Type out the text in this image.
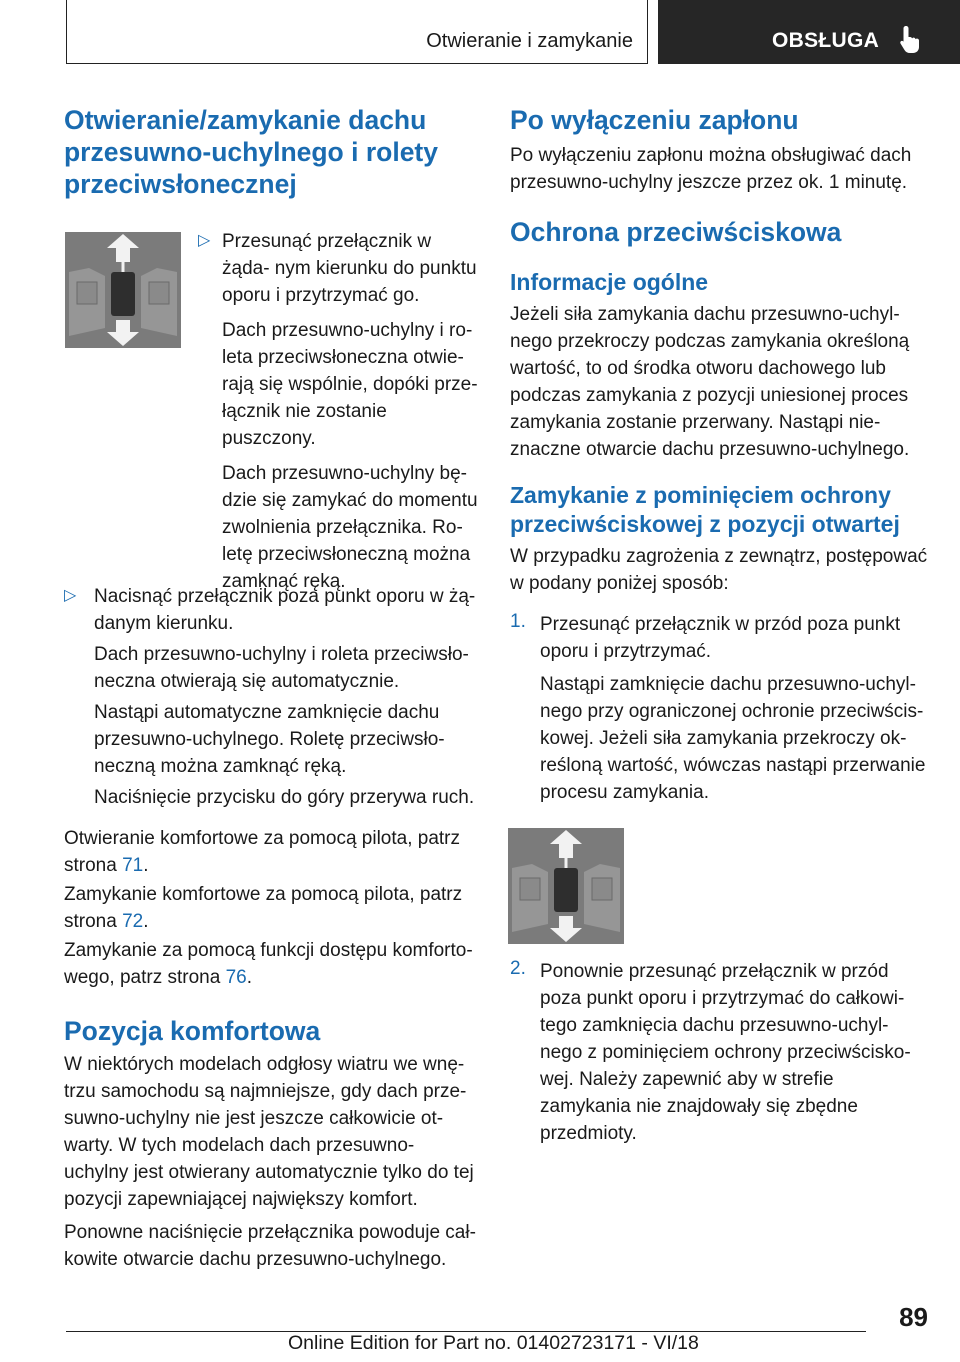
Otwieranie i zamykanie	OBSŁUGA
Otwieranie/zamykanie dachu przesuwno-uchylnego i rolety przeciwsłonecznej
▷ Przesunąć przełącznik w żąda- nym kierunku do punktu oporu i przytrzymać go.

Dach przesuwno-uchylny i ro- leta przeciwsłoneczna otwie- rają się wspólnie, dopóki prze- łącznik nie zostanie puszczony.

Dach przesuwno-uchylny bę- dzie się zamykać do momentu zwolnienia przełącznika. Ro- letę przeciwsłoneczną można zamknąć ręką.

▷ Nacisnąć przełącznik poza punkt oporu w żą- danym kierunku.

Dach przesuwno-uchylny i roleta przeciwsło- neczna otwierają się automatycznie.

Nastąpi automatyczne zamknięcie dachu przesuwno-uchylnego. Roletę przeciwsło- neczną można zamknąć ręką.

Naciśnięcie przycisku do góry przerywa ruch.

Otwieranie komfortowe za pomocą pilota, patrz strona 71.

Zamykanie komfortowe za pomocą pilota, patrz strona 72.

Zamykanie za pomocą funkcji dostępu komforto- wego, patrz strona 76.

Pozycja komfortowa

W niektórych modelach odgłosy wiatru we wnę- trzu samochodu są najmniejsze, gdy dach prze- suwno-uchylny nie jest jeszcze całkowicie ot- warty. W tych modelach dach przesuwno- uchylny jest otwierany automatycznie tylko do tej pozycji zapewniającej największy komfort.

Ponowne naciśnięcie przełącznika powoduje cał- kowite otwarcie dachu przesuwno-uchylnego.

Po wyłączeniu zapłonu

Po wyłączeniu zapłonu można obsługiwać dach przesuwno-uchylny jeszcze przez ok. 1 minutę.

Ochrona przeciwściskowa
Informacje ogólne

Jeżeli siła zamykania dachu przesuwno-uchyl- nego przekroczy podczas zamykania określoną wartość, to od środka otworu dachowego lub podczas zamykania z pozycji uniesionej proces zamykania zostanie przerwany. Nastąpi nie- znaczne otwarcie dachu przesuwno-uchylnego.

Zamykanie z pominięciem ochrony przeciwściskowej z pozycji otwartej

W przypadku zagrożenia z zewnątrz, postępować w podany poniżej sposób:

1. Przesunąć przełącznik w przód poza punkt oporu i przytrzymać.

Nastąpi zamknięcie dachu przesuwno-uchyl- nego przy ograniczonej ochronie przeciwścis- kowej. Jeżeli siła zamykania przekroczy ok- reśloną wartość, wówczas nastąpi przerwanie procesu zamykania.

2. Ponownie przesunąć przełącznik w przód poza punkt oporu i przytrzymać do całkowi- tego zamknięcia dachu przesuwno-uchyl- nego z pominięciem ochrony przeciwścisko- wej. Należy zapewnić aby w strefie zamykania nie znajdowały się zbędne przedmioty.

89
Online Edition for Part no. 01402723171 - VI/18
